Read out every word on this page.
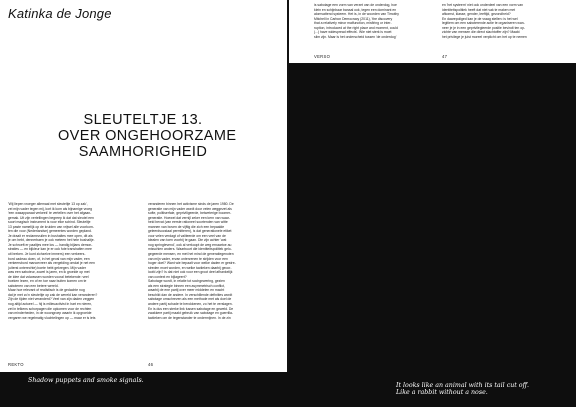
Katinka de Jonge
SLEUTELTJE 13.
OVER ONGEHOORZAME
SAAMHORIGHEID
'Wij liepen vroeger allemaal met sleuteltje 13 op zak',
zei mijn vader tegen mij, kort ik kom als bijnamige vroeg
'een wasapparaat verkeek' te vertellen over het afgaan-
gemak. Uit zijn vertellingen begreep ik dat dat sleutel een
soort magisch instrument is voor elke schind. Sleuteltje
13 paste namelijk op de kruiden van vrijwel alle voorkom-
ten die voor (Nederlandse) gemeentes worden gepland.
Je draait er reclamezuilen in bushaltes mee open, dit als
je om hebt, dennerbaen je ook meteen het hele bushaltje.
Je schroeft er paaltjes mee los — handig bijlans demon-
straties — en bijkleur kan je er ook fute transhalten mee
uit breken. Je kunt zichzelve immers) een verkeers-
bord cadeau doen, of, in het geval van mijn vader, een
verkeersbord manoevreer als vergelding omdat je net een
(uiterst onterechte) boete hebt gekregen. Mijn vader
was een saboteur, zowel is jaren, en ik groeide op met
de idee dat volwassen worden vooral betekende: veel
boeken lezen, en of en toe naar buiten komen om te
saboteren van een betere wereld.
Maar hoe relevant of realistisch is de gedachte nog
dat je met zo'n sleuteltje op zak de wereld kan veranderen?
Zijn de tijden niet veranderd? Veel van zijn daden zeggen
nog altijd actueel — hij is milieuactivist in hart en nieren,
zet in telkens schorpagen die opkomen voor de rechten
van minderheden, in de woongroep waarin ik opgroeide
vergaren we regelmatig vluchtelingen op — maar er is iets
veranderen binnen het activisme sinds de jaren 1980. De
generatie van mijn vader wordt door velen weggezet als
softe, politiserfaie, gepriviligeerde, betweterige boomer-
generatie. Hoewel dat vernijl zeker een kern van waar-
heid bevat (van eerste rationeel soortenden van witte
mannen van boven de vijftig die zich een bepaalde
geleerdsocstaal permitteren), is dat generationele etiket
voor velen verdagt of valiteerde om een veel van de
idealen van toen voorbij te gaan. Die zijn achter 'wat
nog springlevend', ook al verkoopt de weg ernaartoe au
misschien anders. Waarbuurt die identiteitspolitiek gelo-
gegeerde mensen, en met het mind de generatiegenoten
van mijn vader, ervan onterzenen te strijden voor een
hoger doel? Want wie bepaalt voor welke daden er gestre-
streden moet worden, en welke tactieken daarbij geoor-
loofd zijn? Is dat niet ook voor een groot deel afhankelijk
van context en bijlageert?
Sabotage wordt, in relatie tot sochgewering, gezien
als een strategie binnen een asymmetrisch conflict,
waarbij de ene partij over meer middelen en macht
beschikt dan de andere. In verschillende definities wordt
sabotage omschreven als een methode met als doel de
andere partij schade te berokkenen, zo het te verslagen.
En is dus een sterke link tussen sabotage en geweld. De
zwakkere partij maakt gebruik van sabotage en guerrilla-
tactieken om de tegenstander te ondermijnen. In de zin
REKTO	46
is sabotage een vorm van verzet van de onderdog, hoe
klein en schijnbaar banaal ook, tegen een dominant en
alomvattend systeem. Het is, in de woorden van Timothy
Mitchell in Carbon Democracy (2011), 'the discovery
that a relatively minor malfunction, misfiring or inter-
ruption, introduced at the right place and moment, could
(...) have widespread effects'. Wie niet sterk is moet
slim zijn. Maar is het onderscheid tussen 'de onderdog'
en 'het systeem' niet ook onderdeel van een vorm van
identiteitspolitiek heeft dat niet vak te maken met
afkomst, klasse, gender, leeftijd, gezondheid?
En daarepoliged kan je de vraag stellen: is het wel
legitiem om een saboterende actie te organiseren wan-
neer je je in een geprivilegieerde positie bevindt ten op-
zichte van mensen die direct slachtoffer zijn? Maakt
het privilege je juist moreel verplicht om het op te nemen
VERSO	47
Shadow puppets and smoke signals.
It looks like an animal with its tail cut off.
Like a rabbit without a nose.
